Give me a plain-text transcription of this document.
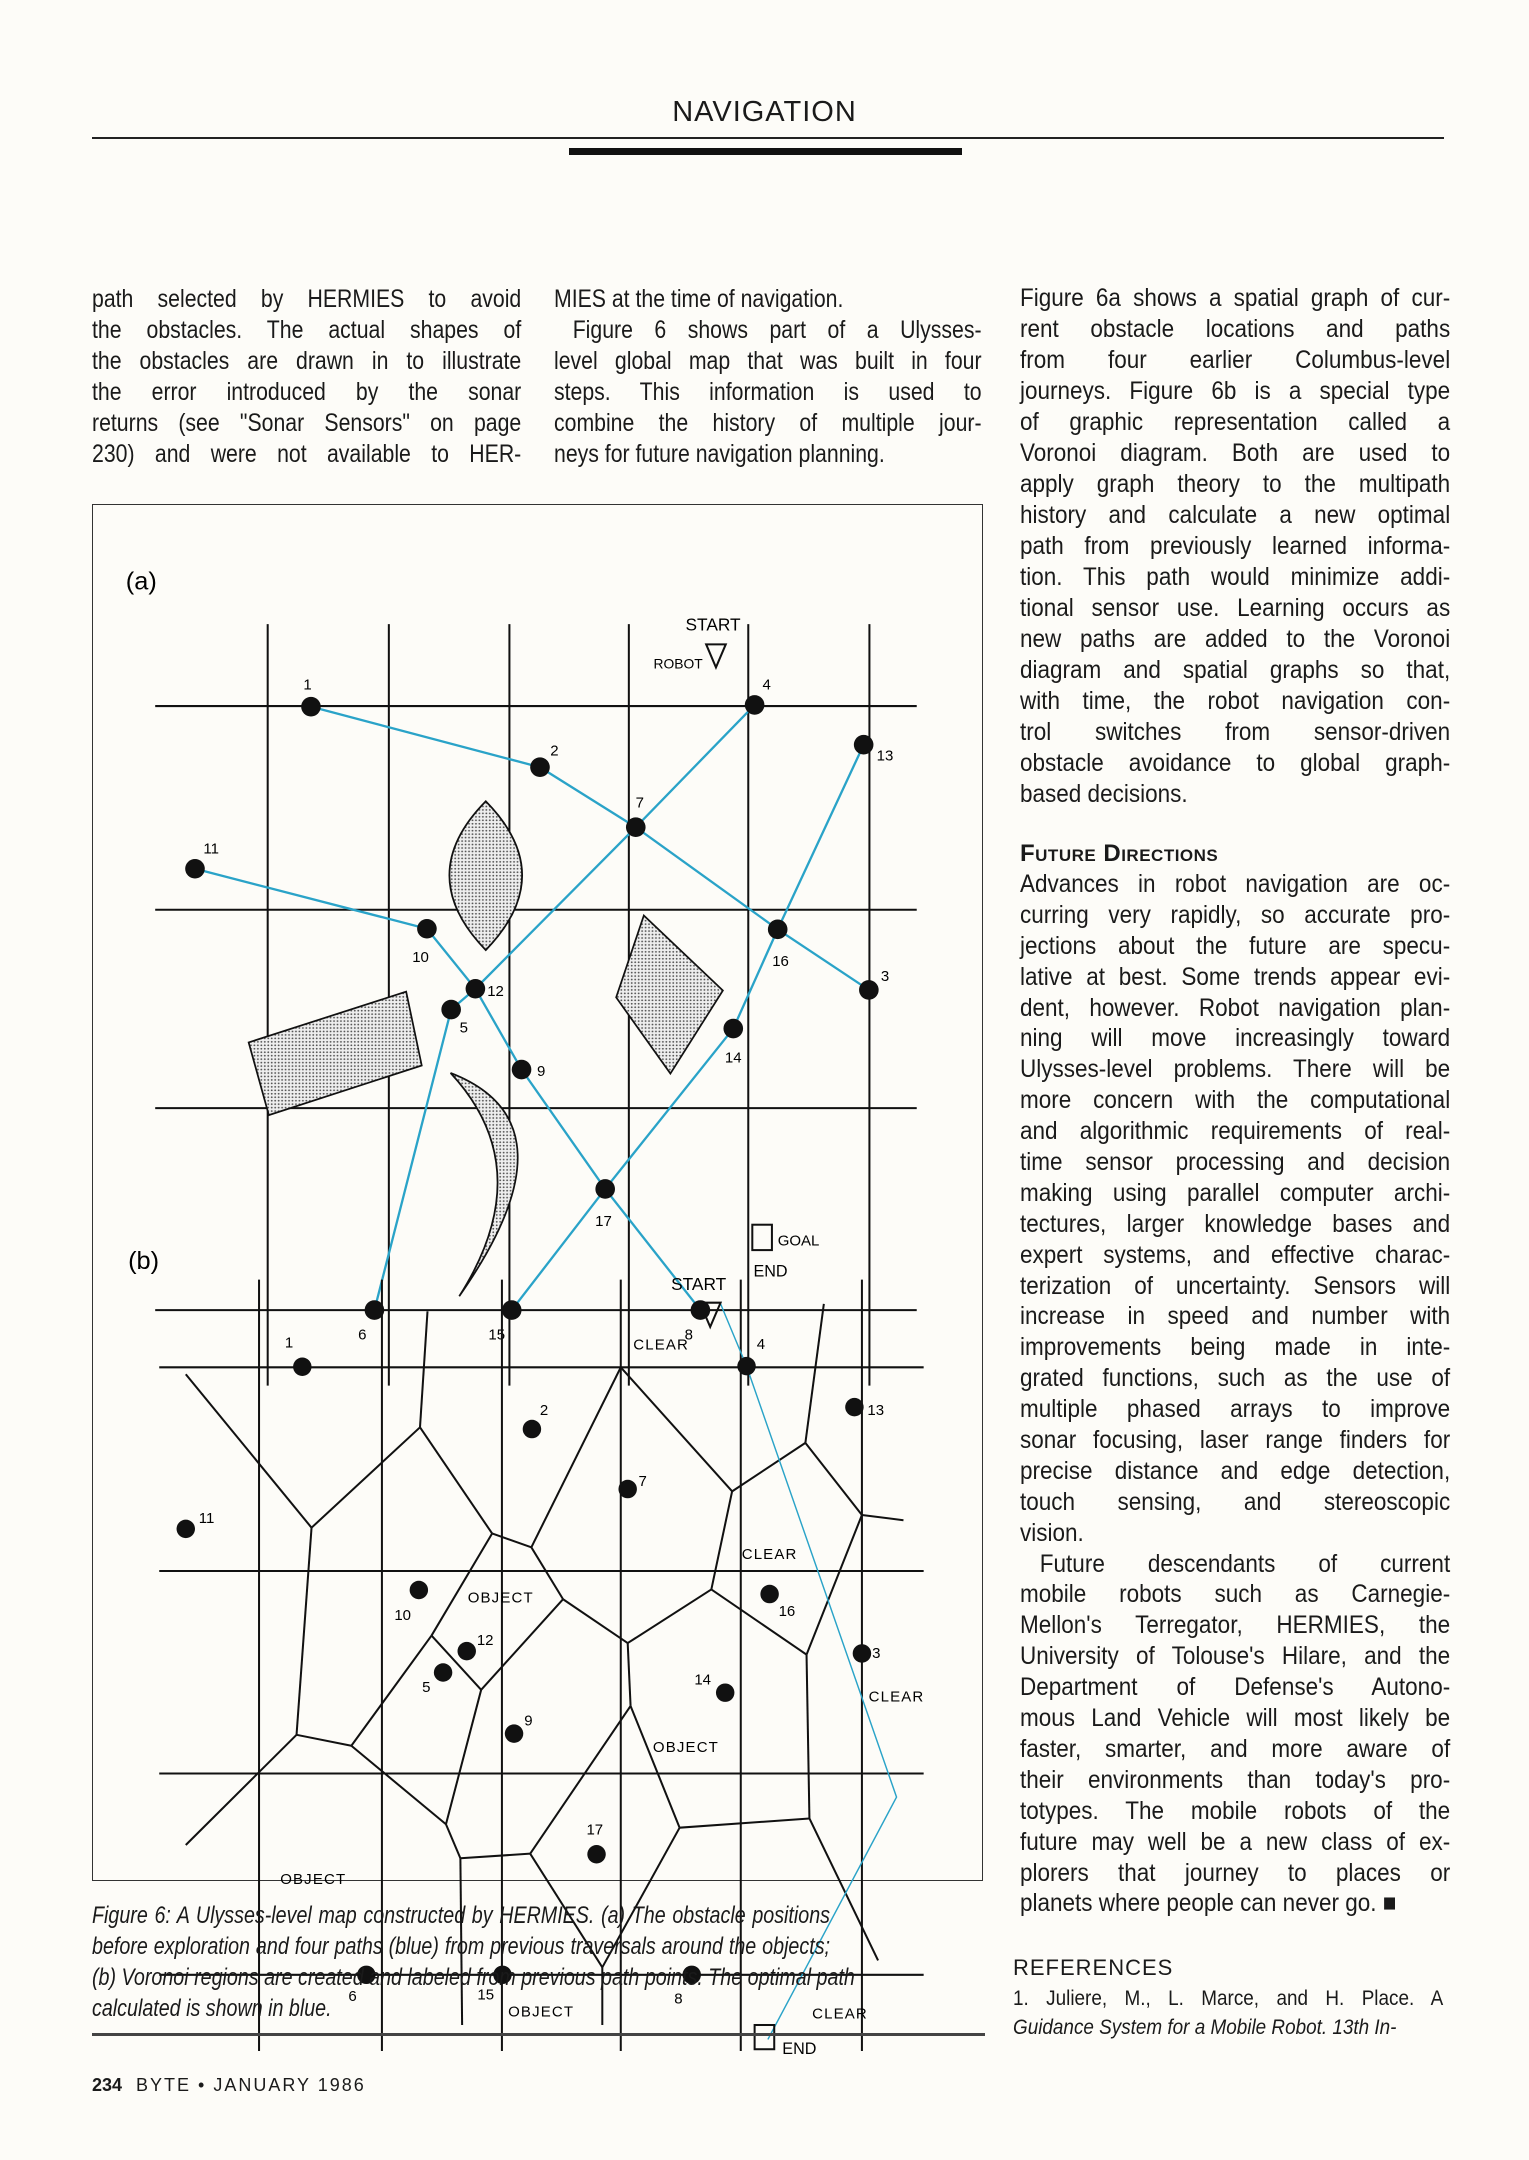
NAVIGATION
path selected by HERMIES to avoid
the obstacles. The actual shapes of
the obstacles are drawn in to illustrate
the error introduced by the sonar
returns (see "Sonar Sensors" on page
230) and were not available to HER-
MIES at the time of navigation.
Figure 6 shows part of a Ulysses-
level global map that was built in four
steps. This information is used to
combine the history of multiple jour-
neys for future navigation planning.
Figure 6a shows a spatial graph of cur-
rent obstacle locations and paths
from four earlier Columbus-level
journeys. Figure 6b is a special type
of graphic representation called a
Voronoi diagram. Both are used to
apply graph theory to the multipath
history and calculate a new optimal
path from previously learned informa-
tion. This path would minimize addi-
tional sensor use. Learning occurs as
new paths are added to the Voronoi
diagram and spatial graphs so that,
with time, the robot navigation con-
trol switches from sensor-driven
obstacle avoidance to global graph-
based decisions.
Future Directions
Advances in robot navigation are oc-
curring very rapidly, so accurate pro-
jections about the future are specu-
lative at best. Some trends appear evi-
dent, however. Robot navigation plan-
ning will move increasingly toward
Ulysses-level problems. There will be
more concern with the computational
and algorithmic requirements of real-
time sensor processing and decision
making using parallel computer archi-
tectures, larger knowledge bases and
expert systems, and effective charac-
terization of uncertainty. Sensors will
increase in speed and number with
improvements being made in inte-
grated functions, such as the use of
multiple phased arrays to improve
sonar focusing, laser range finders for
precise distance and edge detection,
touch sensing, and stereoscopic
vision.
Future descendants of current
mobile robots such as Carnegie-
Mellon's Terregator, HERMIES, the
University of Tolouse's Hilare, and the
Department of Defense's Autono-
mous Land Vehicle will most likely be
faster, smarter, and more aware of
their environments than today's pro-
totypes. The mobile robots of the
future may well be a new class of ex-
plorers that journey to places or
planets where people can never go. ■
REFERENCES
1. Juliere, M., L. Marce, and H. Place. A
Guidance System for a Mobile Robot. 13th In-
(a)
1
2
3
4
5
6
7
8
9
10
11
12
13
14
15
16
17
START
ROBOT
GOAL
END
(b)
1
2
3
4
5
6
7
8
9
10
11
12
13
14
15
16
17
START
CLEAR
CLEAR
CLEAR
CLEAR
OBJECT
OBJECT
OBJECT
OBJECT
END
Figure 6: A Ulysses-level map constructed by HERMIES. (a) The obstacle positions
before exploration and four paths (blue) from previous traversals around the objects;
(b) Voronoi regions are created and labeled from previous path points. The optimal path
calculated is shown in blue.
234 BYTE • JANUARY 1986
